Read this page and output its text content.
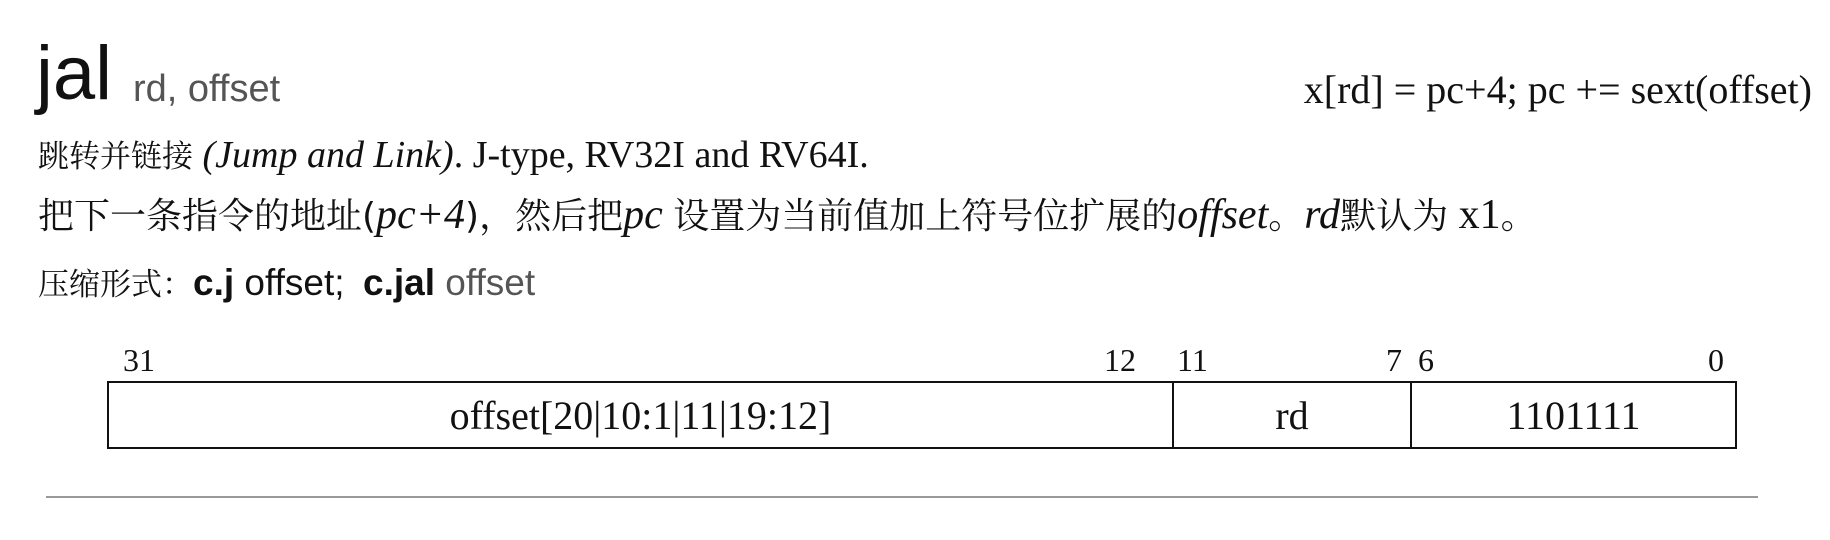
jal rd, offset	x[rd] = pc+4; pc += sext(offset)
跳转并链接 (Jump and Link). J-type, RV32I and RV64I.
把下一条指令的地址(pc+4)，然后把pc 设置为当前值加上符号位扩展的offset。rd默认为 x1。
压缩形式：c.j offset; c.jal offset
31	12 11	7 6	0
offset[20|10:1|11|19:12]	rd	1101111
